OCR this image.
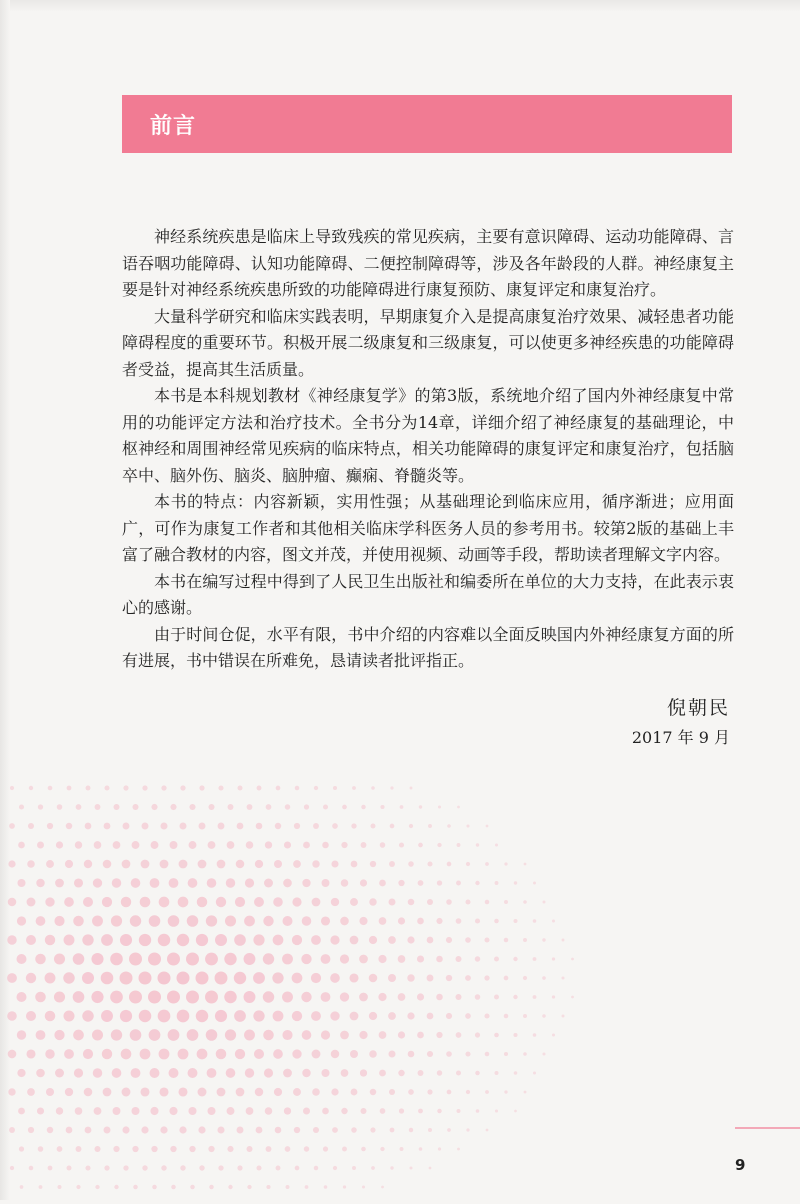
前言

神经系统疾患是临床上导致残疾的常见疾病，主要有意识障碍、运动功能障碍、言语吞咽功能障碍、认知功能障碍、二便控制障碍等，涉及各年龄段的人群。神经康复主要是针对神经系统疾患所致的功能障碍进行康复预防、康复评定和康复治疗。

大量科学研究和临床实践表明，早期康复介入是提高康复治疗效果、减轻患者功能障碍程度的重要环节。积极开展二级康复和三级康复，可以使更多神经疾患的功能障碍者受益，提高其生活质量。

本书是本科规划教材《神经康复学》的第3版，系统地介绍了国内外神经康复中常用的功能评定方法和治疗技术。全书分为14章，详细介绍了神经康复的基础理论，中枢神经和周围神经常见疾病的临床特点，相关功能障碍的康复评定和康复治疗，包括脑卒中、脑外伤、脑炎、脑肿瘤、癫痫、脊髓炎等。

本书的特点：内容新颖，实用性强；从基础理论到临床应用，循序渐进；应用面广，可作为康复工作者和其他相关临床学科医务人员的参考用书。较第2版的基础上丰富了融合教材的内容，图文并茂，并使用视频、动画等手段，帮助读者理解文字内容。

本书在编写过程中得到了人民卫生出版社和编委所在单位的大力支持，在此表示衷心的感谢。

由于时间仓促，水平有限，书中介绍的内容难以全面反映国内外神经康复方面的所有进展，书中错误在所难免，恳请读者批评指正。

倪朝民
2017 年 9 月
9
